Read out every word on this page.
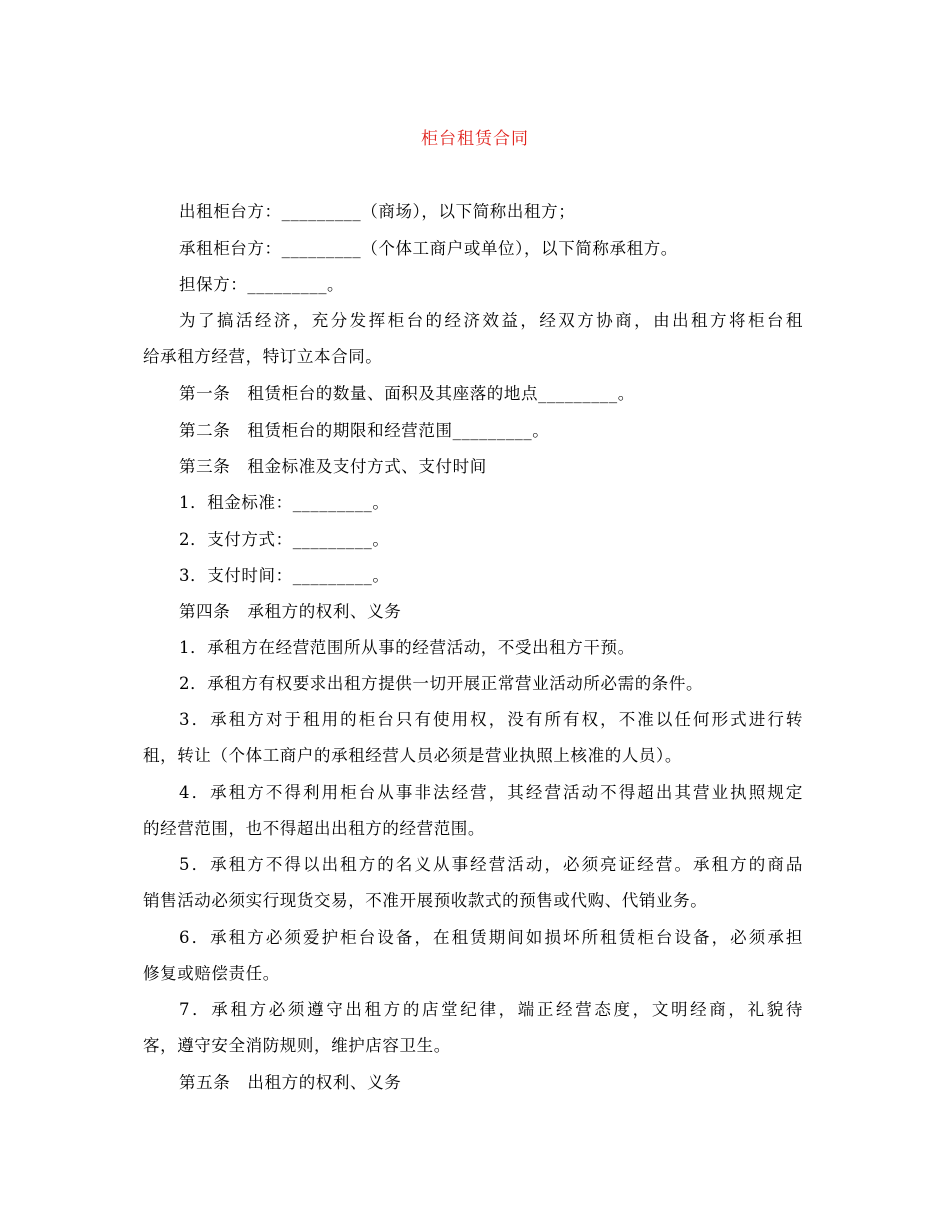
柜台租赁合同
出租柜台方：_________（商场），以下简称出租方；
承租柜台方：_________（个体工商户或单位），以下简称承租方。
担保方：_________。
为了搞活经济，充分发挥柜台的经济效益，经双方协商，由出租方将柜台租
给承租方经营，特订立本合同。
第一条　租赁柜台的数量、面积及其座落的地点_________。
第二条　租赁柜台的期限和经营范围_________。
第三条　租金标准及支付方式、支付时间
1．租金标准：_________。
2．支付方式：_________。
3．支付时间：_________。
第四条　承租方的权利、义务
1．承租方在经营范围所从事的经营活动，不受出租方干预。
2．承租方有权要求出租方提供一切开展正常营业活动所必需的条件。
3．承租方对于租用的柜台只有使用权，没有所有权，不准以任何形式进行转
租，转让（个体工商户的承租经营人员必须是营业执照上核准的人员）。
4．承租方不得利用柜台从事非法经营，其经营活动不得超出其营业执照规定
的经营范围，也不得超出出租方的经营范围。
5．承租方不得以出租方的名义从事经营活动，必须亮证经营。承租方的商品
销售活动必须实行现货交易，不准开展预收款式的预售或代购、代销业务。
6．承租方必须爱护柜台设备，在租赁期间如损坏所租赁柜台设备，必须承担
修复或赔偿责任。
7．承租方必须遵守出租方的店堂纪律，端正经营态度，文明经商，礼貌待
客，遵守安全消防规则，维护店容卫生。
第五条　出租方的权利、义务
